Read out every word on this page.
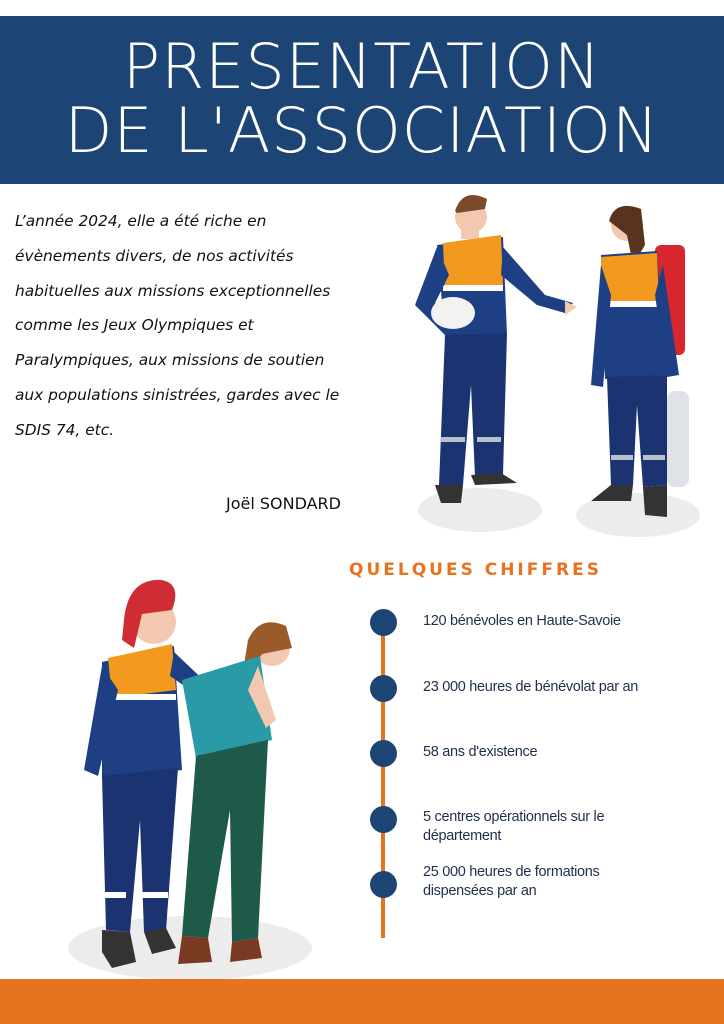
PRESENTATION
DE L'ASSOCIATION

L’année 2024, elle a été riche en évènements divers, de nos activités habituelles aux missions exceptionnelles comme les Jeux Olympiques et Paralympiques, aux missions de soutien aux populations sinistrées, gardes avec le SDIS 74, etc.

Joël SONDARD
QUELQUES CHIFFRES
120 bénévoles en Haute-Savoie
23 000 heures de bénévolat par an
58 ans d'existence
5 centres opérationnels sur le département
25 000 heures de formations dispensées par an
